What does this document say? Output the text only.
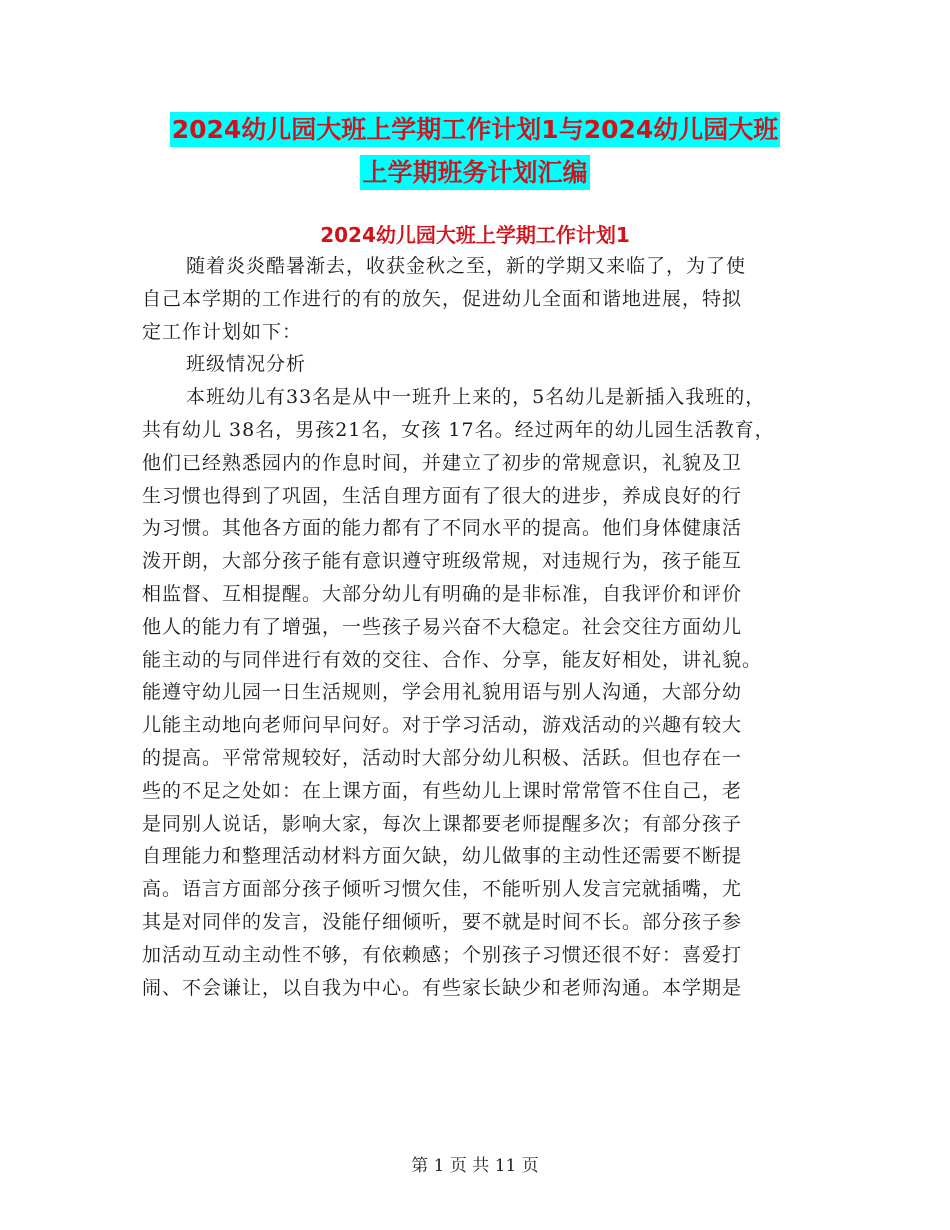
2024幼儿园大班上学期工作计划1与2024幼儿园大班
上学期班务计划汇编
2024幼儿园大班上学期工作计划1
随着炎炎酷暑渐去，收获金秋之至，新的学期又来临了，为了使
自己本学期的工作进行的有的放矢，促进幼儿全面和谐地进展，特拟
定工作计划如下：
班级情况分析
本班幼儿有33名是从中一班升上来的，5名幼儿是新插入我班的，
共有幼儿 38名，男孩21名，女孩 17名。经过两年的幼儿园生活教育，
他们已经熟悉园内的作息时间，并建立了初步的常规意识，礼貌及卫
生习惯也得到了巩固，生活自理方面有了很大的进步，养成良好的行
为习惯。其他各方面的能力都有了不同水平的提高。他们身体健康活
泼开朗，大部分孩子能有意识遵守班级常规，对违规行为，孩子能互
相监督、互相提醒。大部分幼儿有明确的是非标准，自我评价和评价
他人的能力有了增强，一些孩子易兴奋不大稳定。社会交往方面幼儿
能主动的与同伴进行有效的交往、合作、分享，能友好相处，讲礼貌。
能遵守幼儿园一日生活规则，学会用礼貌用语与别人沟通，大部分幼
儿能主动地向老师问早问好。对于学习活动，游戏活动的兴趣有较大
的提高。平常常规较好，活动时大部分幼儿积极、活跃。但也存在一
些的不足之处如：在上课方面，有些幼儿上课时常常管不住自己，老
是同别人说话，影响大家，每次上课都要老师提醒多次；有部分孩子
自理能力和整理活动材料方面欠缺，幼儿做事的主动性还需要不断提
高。语言方面部分孩子倾听习惯欠佳，不能听别人发言完就插嘴，尤
其是对同伴的发言，没能仔细倾听，要不就是时间不长。部分孩子参
加活动互动主动性不够，有依赖感；个别孩子习惯还很不好：喜爱打
闹、不会谦让，以自我为中心。有些家长缺少和老师沟通。本学期是
第 1 页 共 11 页
